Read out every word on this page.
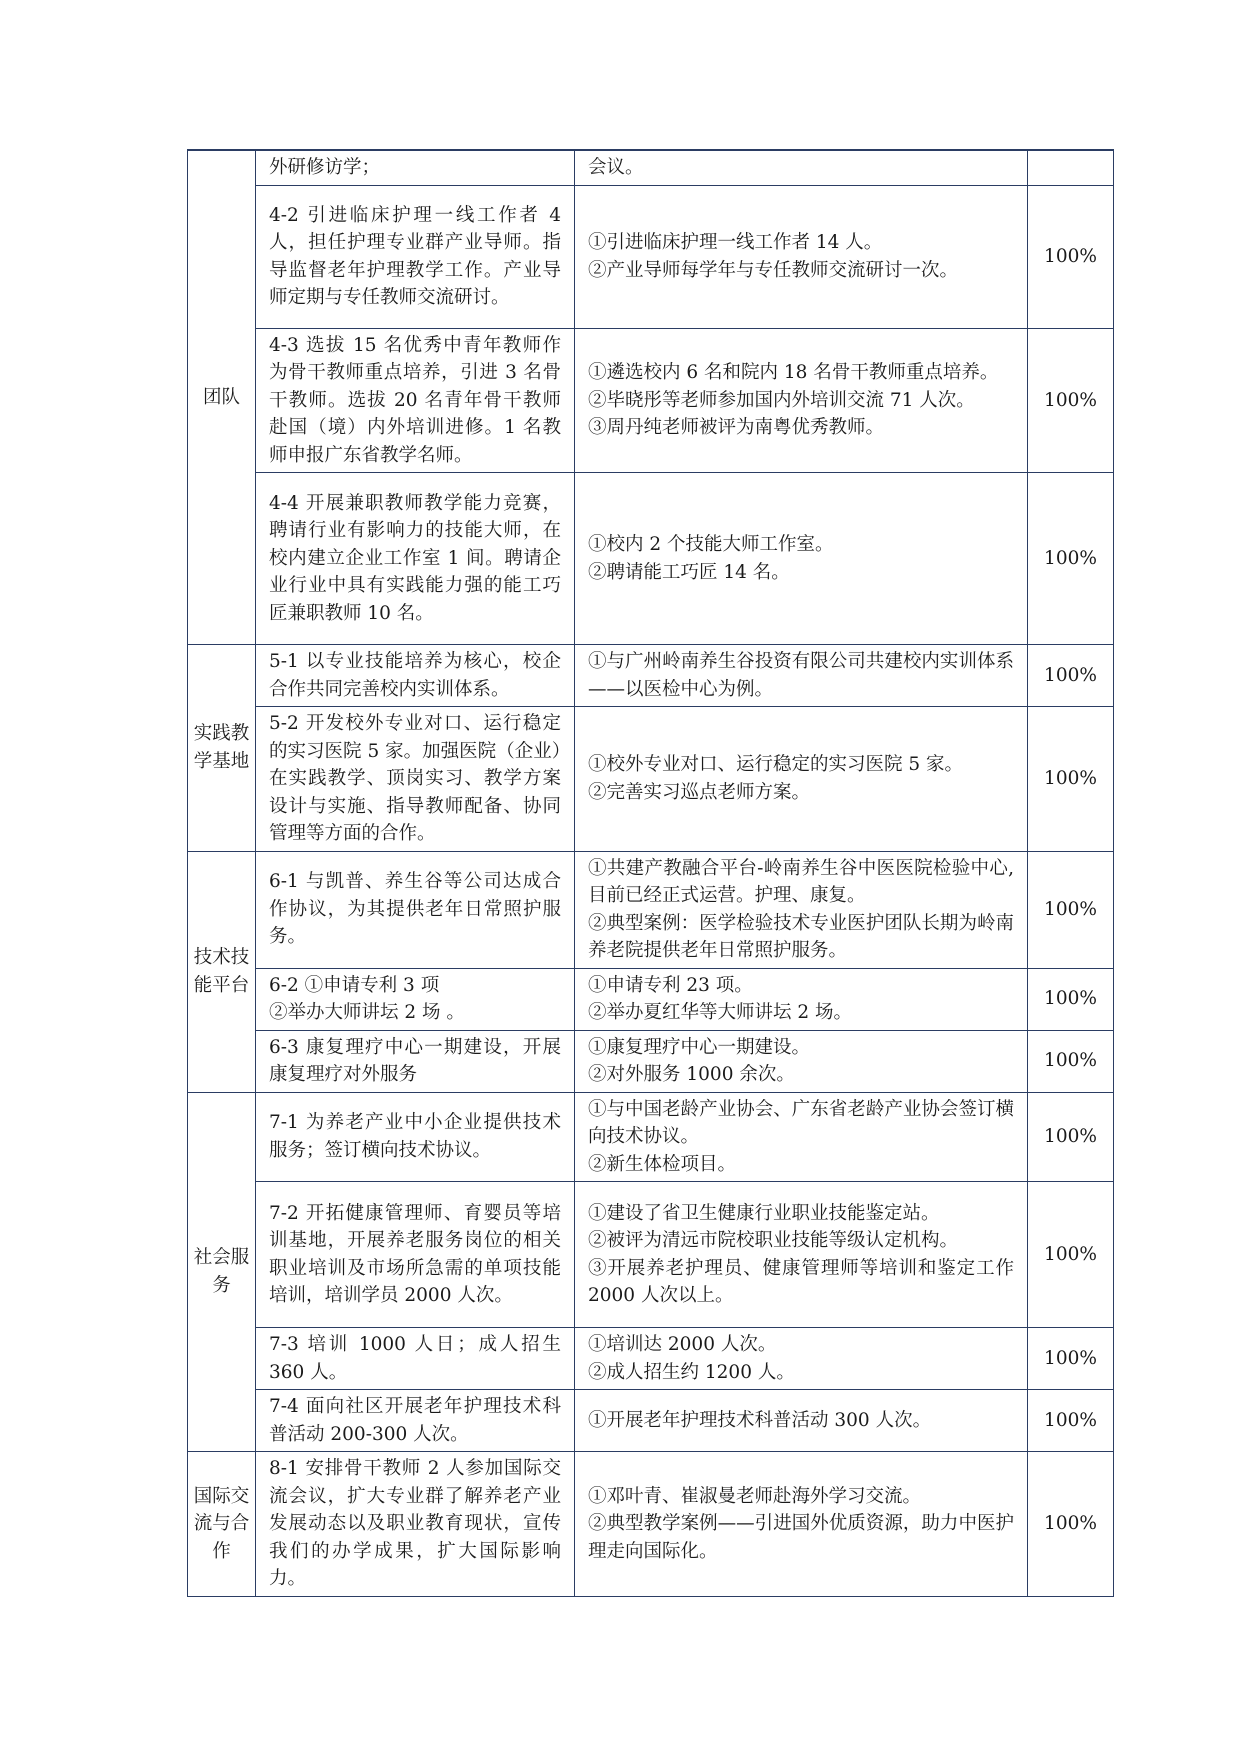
团队	外研修访学；	会议。	
	4-2 引进临床护理一线工作者 4 人，担任护理专业群产业导师。指导监督老年护理教学工作。产业导师定期与专任教师交流研讨。	①引进临床护理一线工作者 14 人。
②产业导师每学年与专任教师交流研讨一次。	100%
	4-3 选拔 15 名优秀中青年教师作为骨干教师重点培养，引进 3 名骨干教师。选拔 20 名青年骨干教师赴国（境）内外培训进修。1 名教师申报广东省教学名师。	①遴选校内 6 名和院内 18 名骨干教师重点培养。
②毕晓彤等老师参加国内外培训交流 71 人次。
③周丹纯老师被评为南粤优秀教师。	100%
	4-4 开展兼职教师教学能力竞赛，聘请行业有影响力的技能大师，在校内建立企业工作室 1 间。聘请企业行业中具有实践能力强的能工巧匠兼职教师 10 名。	①校内 2 个技能大师工作室。
②聘请能工巧匠 14 名。	100%
实践教学基地	5-1 以专业技能培养为核心，校企合作共同完善校内实训体系。	①与广州岭南养生谷投资有限公司共建校内实训体系——以医检中心为例。	100%
	5-2 开发校外专业对口、运行稳定的实习医院 5 家。加强医院（企业）在实践教学、顶岗实习、教学方案设计与实施、指导教师配备、协同管理等方面的合作。	①校外专业对口、运行稳定的实习医院 5 家。
②完善实习巡点老师方案。	100%
技术技能平台	6-1 与凯普、养生谷等公司达成合作协议，为其提供老年日常照护服务。	①共建产教融合平台-岭南养生谷中医医院检验中心,目前已经正式运营。护理、康复。
②典型案例：医学检验技术专业医护团队长期为岭南养老院提供老年日常照护服务。	100%

	6-2 ①申请专利 3 项
②举办大师讲坛 2 场 。	①申请专利 23 项。
②举办夏红华等大师讲坛 2 场。	100%
	6-3 康复理疗中心一期建设，开展康复理疗对外服务	①康复理疗中心一期建设。
②对外服务 1000 余次。	100%
社会服务	7-1 为养老产业中小企业提供技术服务；签订横向技术协议。	①与中国老龄产业协会、广东省老龄产业协会签订横向技术协议。
②新生体检项目。	100%
	7-2 开拓健康管理师、育婴员等培训基地，开展养老服务岗位的相关职业培训及市场所急需的单项技能培训，培训学员 2000 人次。	①建设了省卫生健康行业职业技能鉴定站。
②被评为清远市院校职业技能等级认定机构。
③开展养老护理员、健康管理师等培训和鉴定工作 2000 人次以上。	100%
	7-3 培训 1000 人日；成人招生 360 人。	①培训达 2000 人次。
②成人招生约 1200 人。	100%
	7-4 面向社区开展老年护理技术科普活动 200-300 人次。	①开展老年护理技术科普活动 300 人次。	100%
国际交流与合作	8-1 安排骨干教师 2 人参加国际交流会议，扩大专业群了解养老产业发展动态以及职业教育现状，宣传我们的办学成果，扩大国际影响力。	①邓叶青、崔淑曼老师赴海外学习交流。
②典型教学案例——引进国外优质资源，助力中医护理走向国际化。	100%
